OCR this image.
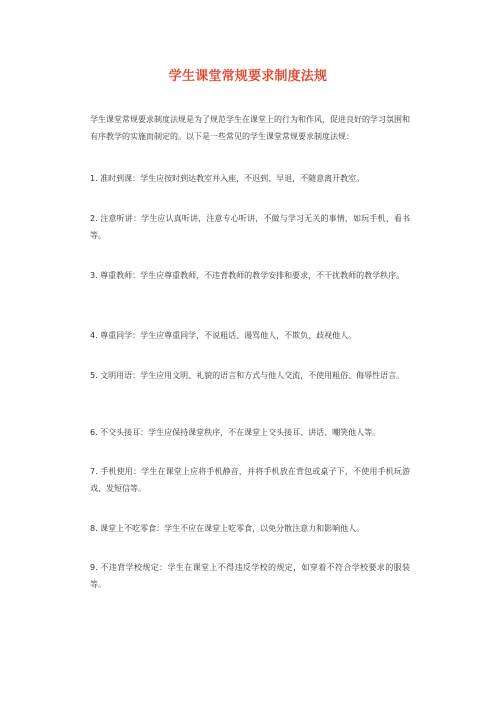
学生课堂常规要求制度法规
学生课堂常规要求制度法规是为了规范学生在课堂上的行为和作风，促进良好的学习氛围和有序教学的实施而制定的。以下是一些常见的学生课堂常规要求制度法规：
1. 准时到课：学生应按时到达教室并入座，不迟到、早退，不随意离开教室。
2. 注意听讲：学生应认真听讲，注意专心听讲，不做与学习无关的事情，如玩手机、看书等。
3. 尊重教师：学生应尊重教师，不违背教师的教学安排和要求，不干扰教师的教学秩序。
4. 尊重同学：学生应尊重同学，不说粗话、谩骂他人，不欺负、歧视他人。
5. 文明用语：学生应用文明、礼貌的语言和方式与他人交流，不使用粗俗、侮辱性语言。
6. 不交头接耳：学生应保持课堂秩序，不在课堂上交头接耳、讲话、嘲笑他人等。
7. 手机使用：学生在课堂上应将手机静音，并将手机放在背包或桌子下，不使用手机玩游戏、发短信等。
8. 课堂上不吃零食：学生不应在课堂上吃零食，以免分散注意力和影响他人。
9. 不违背学校规定：学生在课堂上不得违反学校的规定，如穿着不符合学校要求的服装等。
